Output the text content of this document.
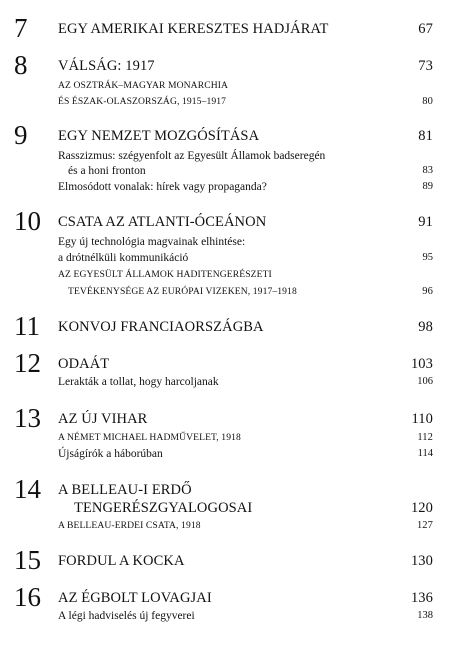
7	EGY AMERIKAI KERESZTES HADJÁRAT	67
8	VÁLSÁG: 1917	73
AZ OSZTRÁK–MAGYAR MONARCHIA
ÉS ÉSZAK-OLASZORSZÁG, 1915–1917	80
9	EGY NEMZET MOZGÓSÍTÁSA	81
Rasszizmus: szégyenfolt az Egyesült Államok badseregén
és a honi fronton	83
Elmosódott vonalak: hírek vagy propaganda?	89
10	CSATA AZ ATLANTI-ÓCEÁNON	91
Egy új technológia magvainak elhintése:
a drótnélküli kommunikáció	95
AZ EGYESÜLT ÁLLAMOK HADITENGERÉSZETI
TEVÉKENYSÉGE AZ EURÓPAI VIZEKEN, 1917–1918	96
11	KONVOJ FRANCIAORSZÁGBA	98
12	ODAÁT	103
Lerakták a tollat, hogy harcoljanak	106
13	AZ ÚJ VIHAR	110
A NÉMET MICHAEL HADMŰVELET, 1918	112
Újságírók a háborúban	114
14	A BELLEAU-I ERDŐ
TENGERÉSZGYALOGOSAI	120
A BELLEAU-ERDEI CSATA, 1918	127
15	FORDUL A KOCKA	130
16	AZ ÉGBOLT LOVAGJAI	136
A légi hadviselés új fegyverei	138
